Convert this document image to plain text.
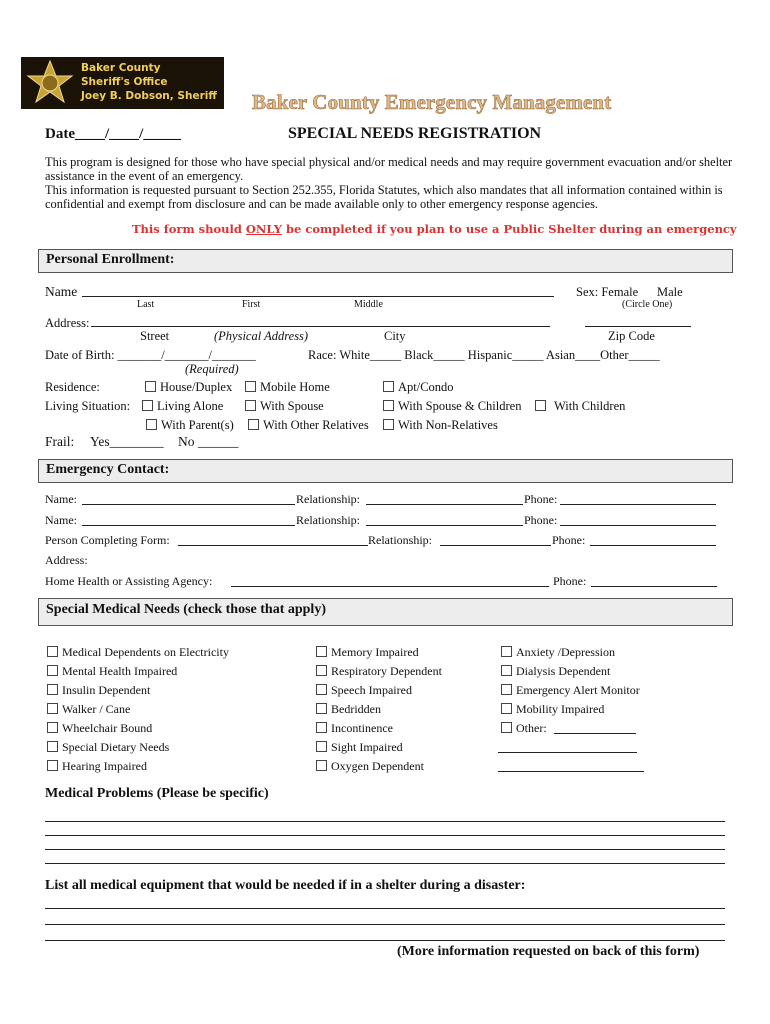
Baker County
Sheriff's Office
Joey B. Dobson, Sheriff Baker County Emergency Management
Date____/____/_____	SPECIAL NEEDS REGISTRATION
This program is designed for those who have special physical and/or medical needs and may require government evacuation and/or shelter assistance in the event of an emergency.
This information is requested pursuant to Section 252.355, Florida Statutes, which also mandates that all information contained within is confidential and exempt from disclosure and can be made available only to other emergency response agencies.
This form should ONLY be completed if you plan to use a Public Shelter during an emergency
Personal Enrollment:
Name
Last	First	Middle
Sex: Female Male
(Circle One)
Address:
Street	(Physical Address)	City	Zip Code
Date of Birth: _______/_______/_______
(Required)
Race: White_____ Black_____ Hispanic_____ Asian____Other_____
Residence:	House/Duplex	Mobile Home	Apt/Condo
Living Situation:	Living Alone	With Spouse	With Spouse & Children	With Children
With Parent(s)	With Other Relatives	With Non-Relatives
Frail: Yes________ No ______
Emergency Contact:
Name:	Relationship:	Phone:
Name:	Relationship:	Phone:
Person Completing Form:	Relationship:	Phone:
Address:
Home Health or Assisting Agency:	Phone:
Special Medical Needs (check those that apply)
Medical Dependents on Electricity
Mental Health Impaired
Insulin Dependent
Walker / Cane
Wheelchair Bound
Special Dietary Needs
Hearing Impaired
Memory Impaired
Respiratory Dependent
Speech Impaired
Bedridden
Incontinence
Sight Impaired
Oxygen Dependent
Anxiety /Depression
Dialysis Dependent
Emergency Alert Monitor
Mobility Impaired
Other:
Medical Problems (Please be specific)
List all medical equipment that would be needed if in a shelter during a disaster:
(More information requested on back of this form)
